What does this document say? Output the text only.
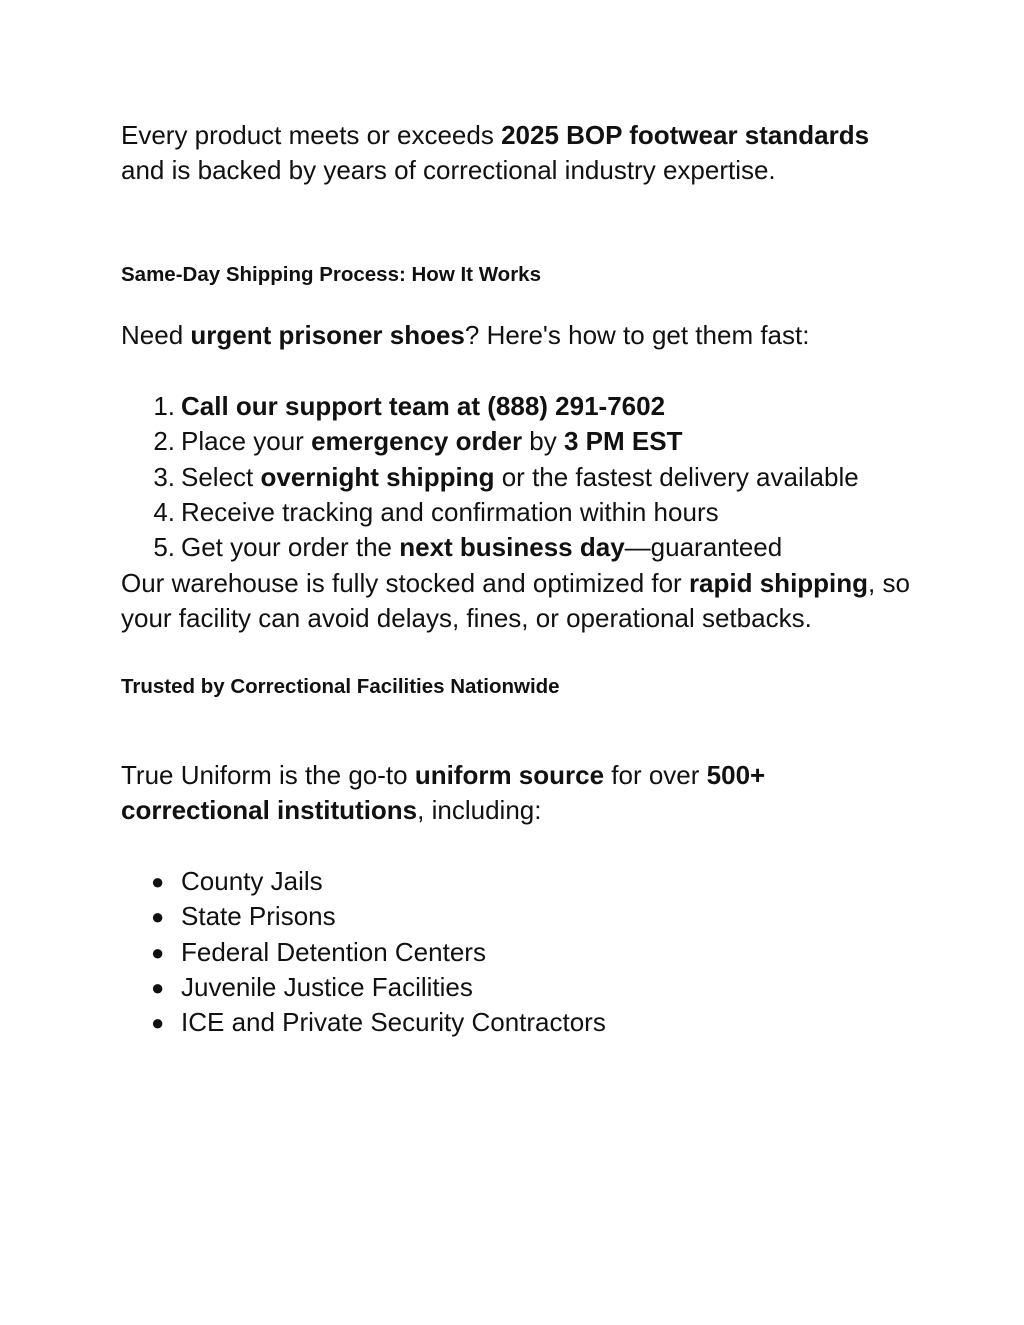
Every product meets or exceeds 2025 BOP footwear standards and is backed by years of correctional industry expertise.

Same-Day Shipping Process: How It Works

Need urgent prisoner shoes? Here's how to get them fast:

1. Call our support team at (888) 291-7602
2. Place your emergency order by 3 PM EST
3. Select overnight shipping or the fastest delivery available
4. Receive tracking and confirmation within hours
5. Get your order the next business day—guaranteed

Our warehouse is fully stocked and optimized for rapid shipping, so your facility can avoid delays, fines, or operational setbacks.

Trusted by Correctional Facilities Nationwide

True Uniform is the go-to uniform source for over 500+ correctional institutions, including:

● County Jails
● State Prisons
● Federal Detention Centers
● Juvenile Justice Facilities
● ICE and Private Security Contractors
